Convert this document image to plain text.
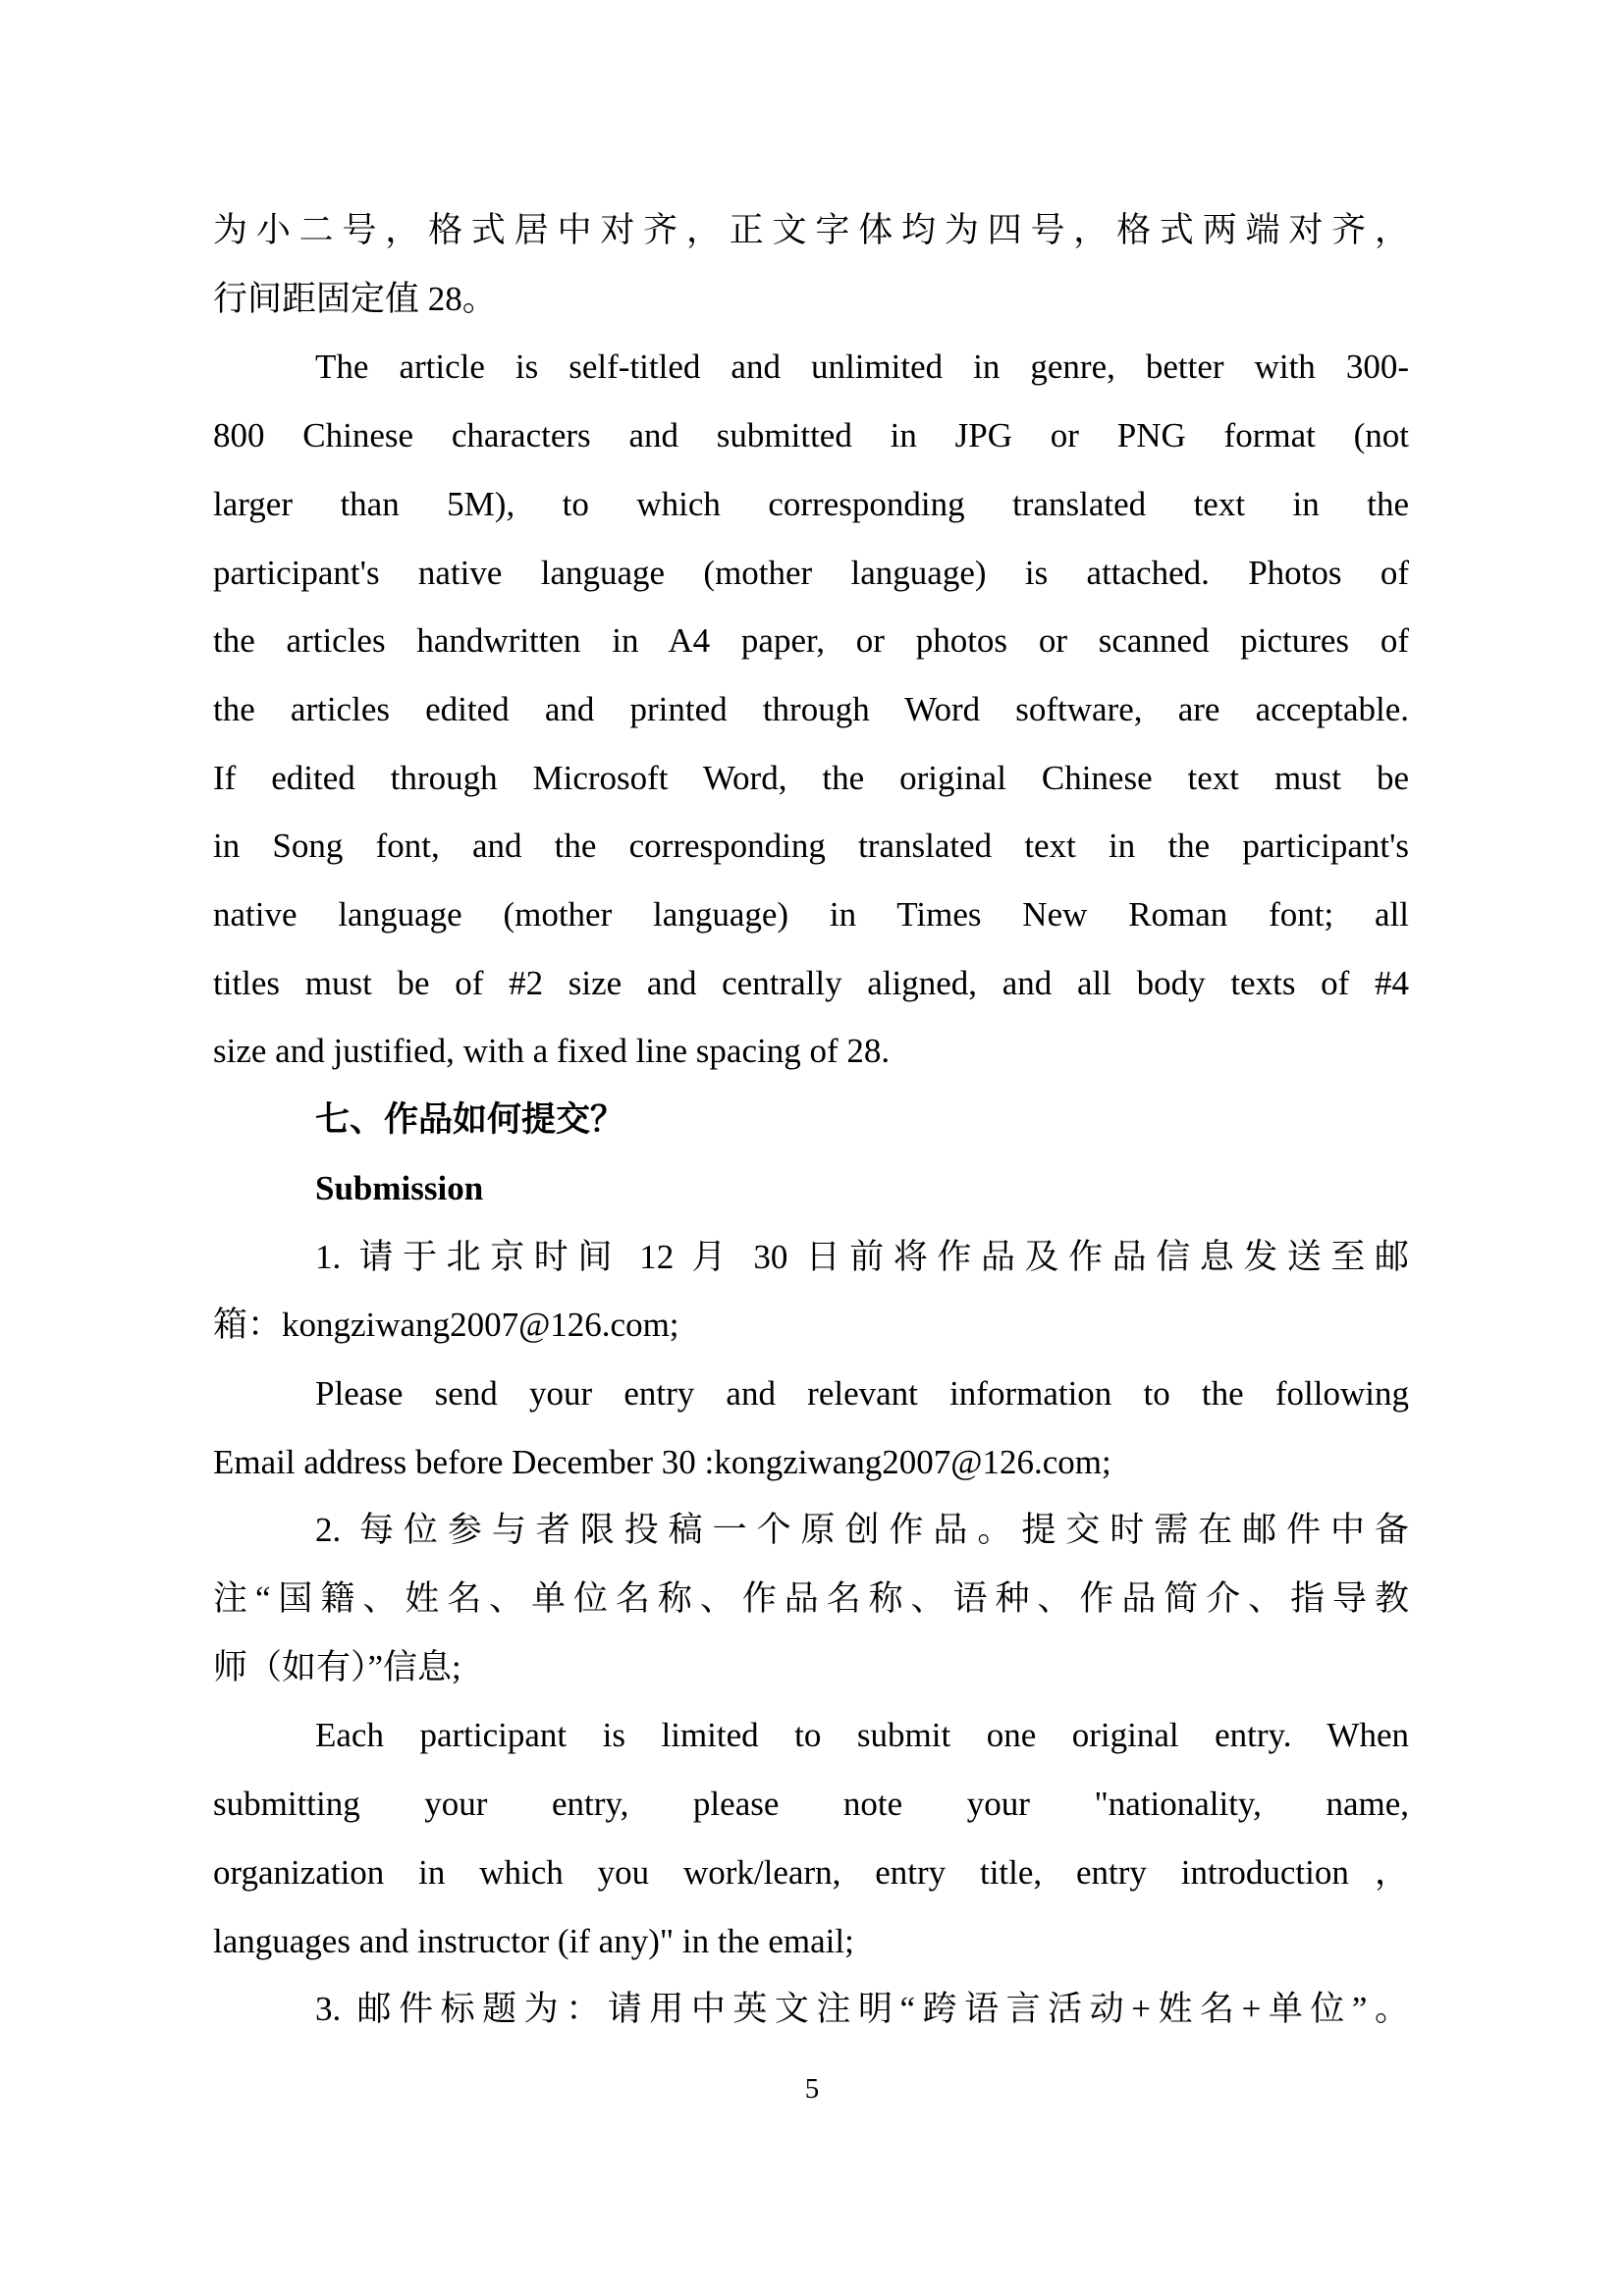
为小二号，格式居中对齐，正文字体均为四号，格式两端对齐，
行间距固定值 28。
The article is self-titled and unlimited in genre, better with 300-
800 Chinese characters and submitted in JPG or PNG format (not
larger than 5M), to which corresponding translated text in the
participant's native language (mother language) is attached. Photos of
the articles handwritten in A4 paper, or photos or scanned pictures of
the articles edited and printed through Word software, are acceptable.
If edited through Microsoft Word, the original Chinese text must be
in Song font, and the corresponding translated text in the participant's
native language (mother language) in Times New Roman font; all
titles must be of #2 size and centrally aligned, and all body texts of #4
size and justified, with a fixed line spacing of 28.
七、作品如何提交？
Submission
1. 请于北京时间 12 月 30 日前将作品及作品信息发送至邮
箱：kongziwang2007@126.com;
Please send your entry and relevant information to the following
Email address before December 30 :kongziwang2007@126.com;
2. 每位参与者限投稿一个原创作品。提交时需在邮件中备
注“国籍、姓名、单位名称、作品名称、语种、作品简介、指导教
师（如有）”信息;
Each participant is limited to submit one original entry. When
submitting your entry, please note your "nationality, name,
organization in which you work/learn, entry title, entry introduction，
languages and instructor (if any)" in the email;
3. 邮件标题为：请用中英文注明“跨语言活动+姓名+单位”。
5
